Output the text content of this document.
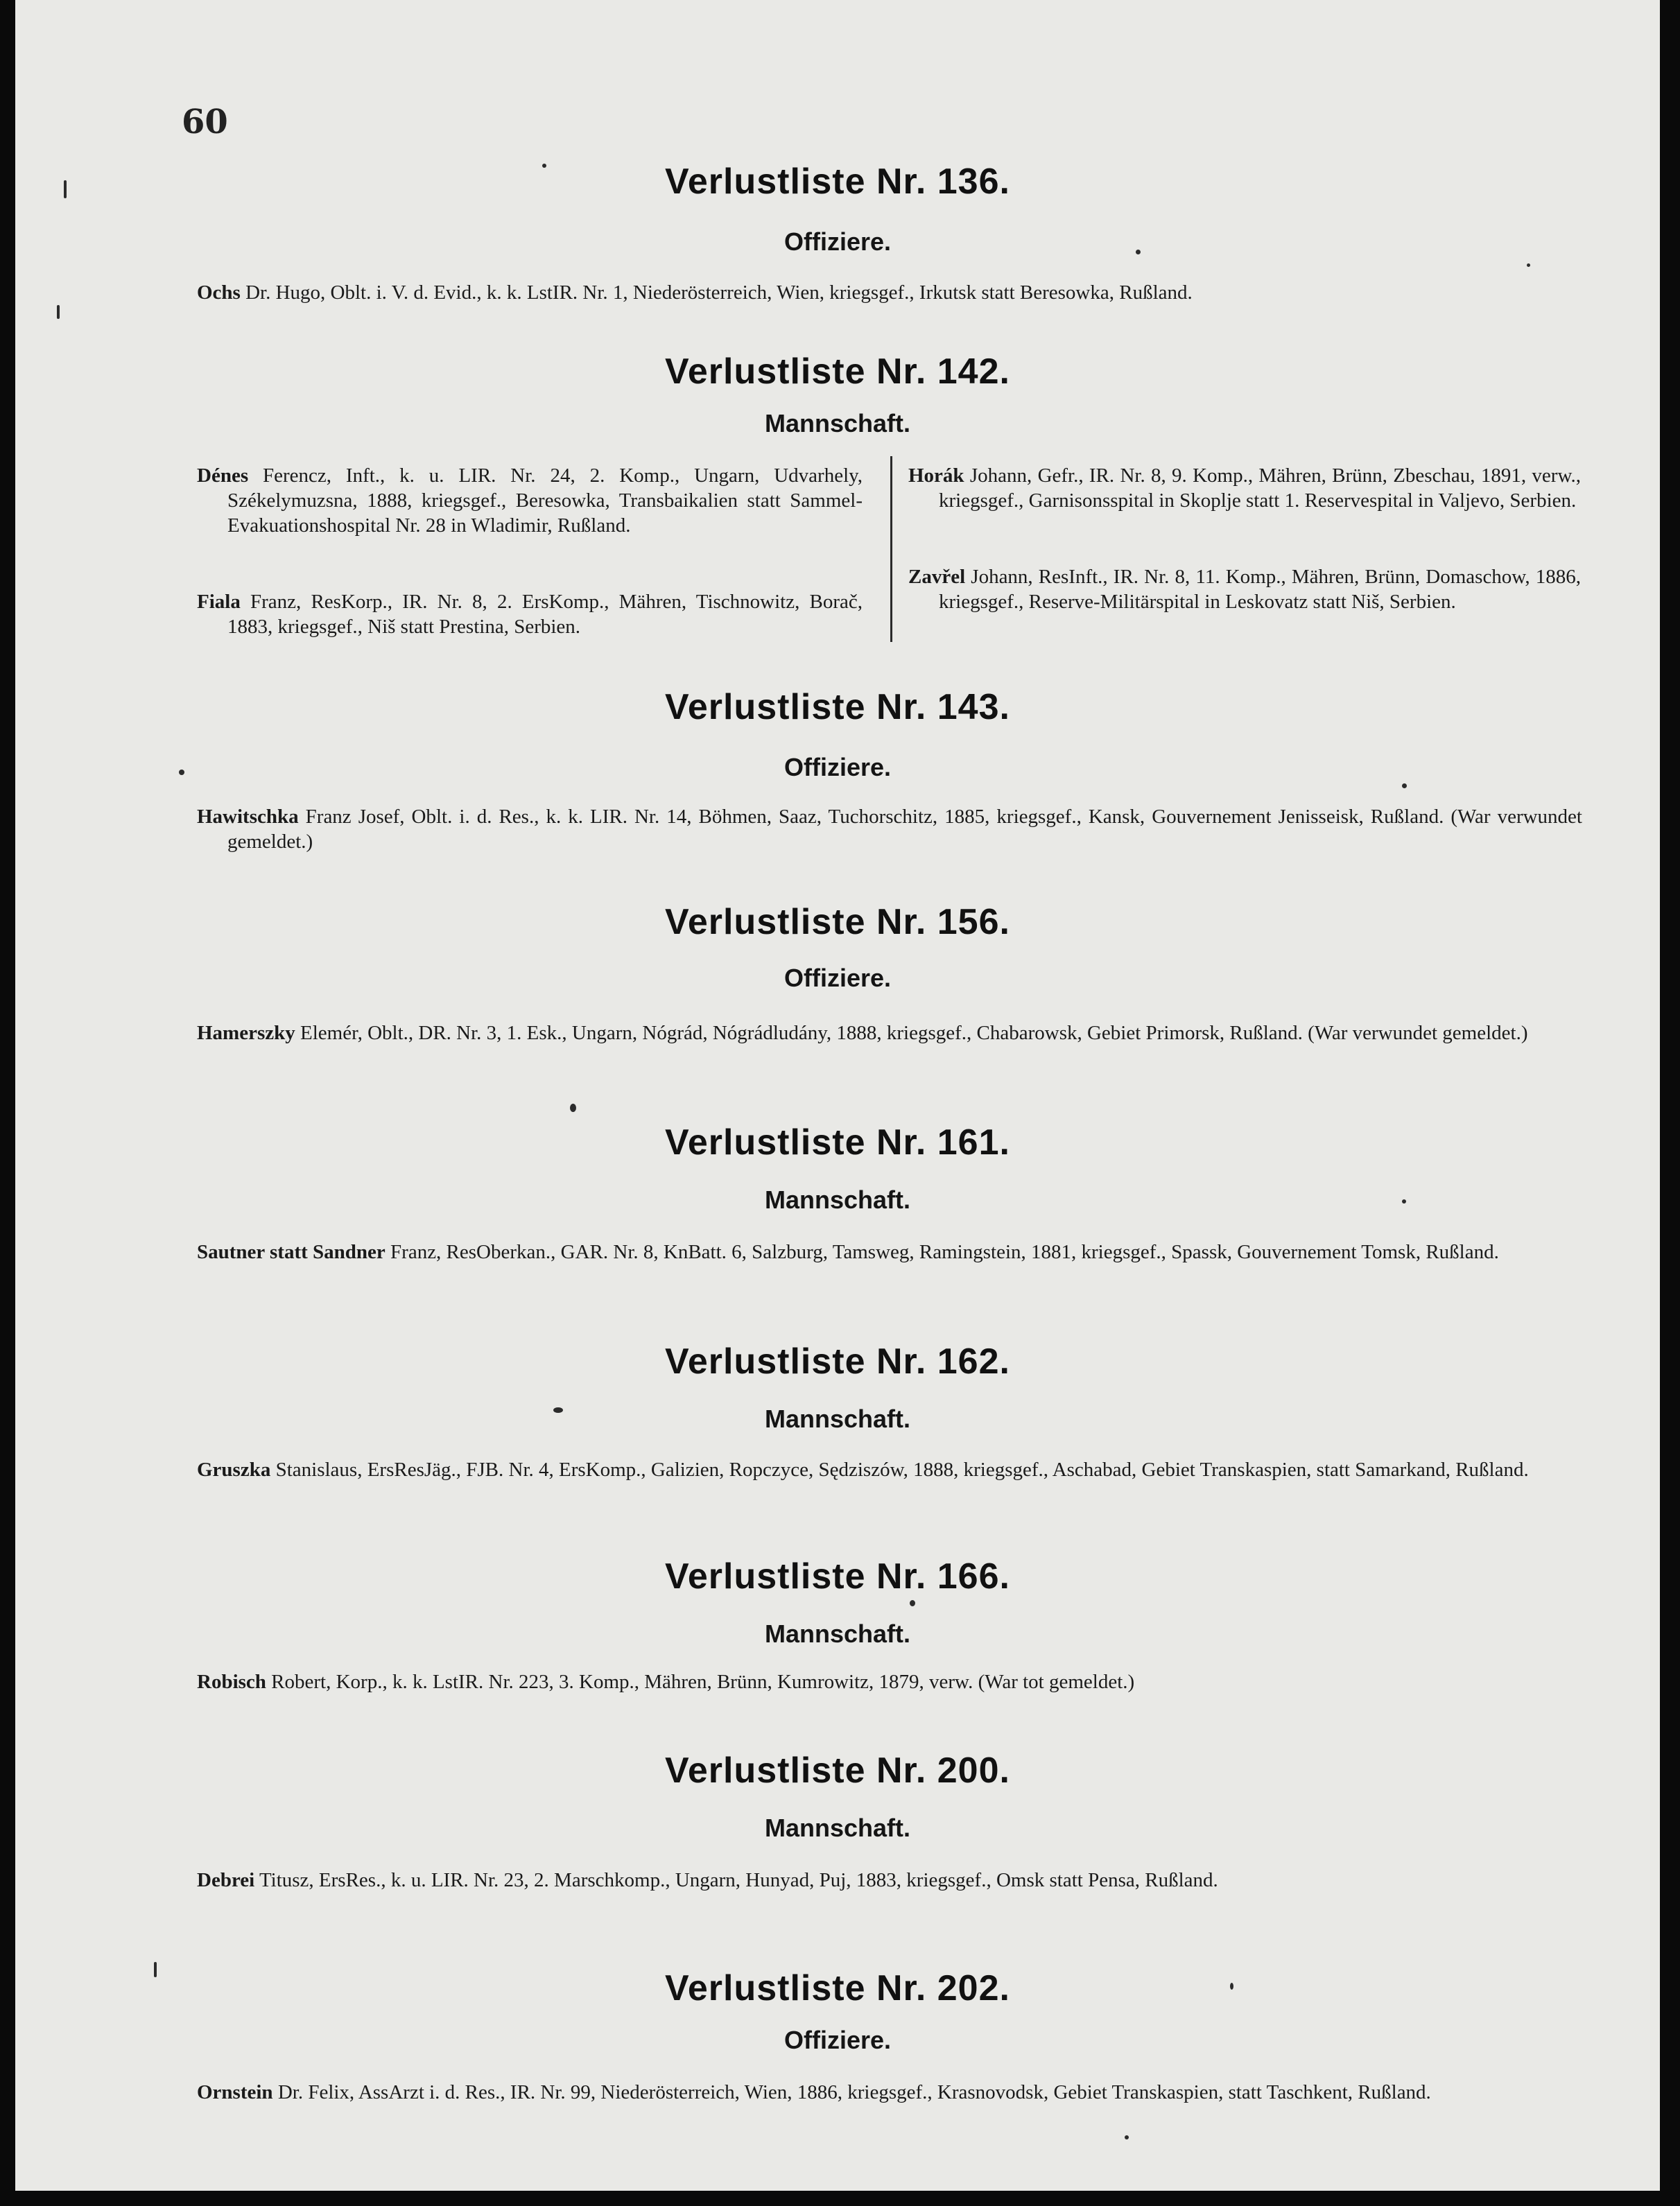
60
Verlustliste Nr. 136.
Offiziere.
Ochs Dr. Hugo, Oblt. i. V. d. Evid., k. k. LstIR. Nr. 1, Niederösterreich, Wien, kriegsgef., Irkutsk statt Beresowka, Rußland.
Verlustliste Nr. 142.
Mannschaft.
Dénes Ferencz, Inft., k. u. LIR. Nr. 24, 2. Komp., Ungarn, Udvarhely, Székelymuzsna, 1888, kriegsgef., Beresowka, Transbaikalien statt Sammel-Evakuationshospital Nr. 28 in Wladimir, Rußland.
Fiala Franz, ResKorp., IR. Nr. 8, 2. ErsKomp., Mähren, Tischnowitz, Borač, 1883, kriegsgef., Niš statt Prestina, Serbien.
Horák Johann, Gefr., IR. Nr. 8, 9. Komp., Mähren, Brünn, Zbeschau, 1891, verw., kriegsgef., Garnisonsspital in Skoplje statt 1. Reservespital in Valjevo, Serbien.
Zavřel Johann, ResInft., IR. Nr. 8, 11. Komp., Mähren, Brünn, Domaschow, 1886, kriegsgef., Reserve-Militärspital in Leskovatz statt Niš, Serbien.
Verlustliste Nr. 143.
Offiziere.
Hawitschka Franz Josef, Oblt. i. d. Res., k. k. LIR. Nr. 14, Böhmen, Saaz, Tuchorschitz, 1885, kriegsgef., Kansk, Gouvernement Jenisseisk, Rußland. (War verwundet gemeldet.)
Verlustliste Nr. 156.
Offiziere.
Hamerszky Elemér, Oblt., DR. Nr. 3, 1. Esk., Ungarn, Nógrád, Nógrádludány, 1888, kriegsgef., Chabarowsk, Gebiet Primorsk, Rußland. (War verwundet gemeldet.)
Verlustliste Nr. 161.
Mannschaft.
Sautner statt Sandner Franz, ResOberkan., GAR. Nr. 8, KnBatt. 6, Salzburg, Tamsweg, Ramingstein, 1881, kriegsgef., Spassk, Gouvernement Tomsk, Rußland.
Verlustliste Nr. 162.
Mannschaft.
Gruszka Stanislaus, ErsResJäg., FJB. Nr. 4, ErsKomp., Galizien, Ropczyce, Sędziszów, 1888, kriegsgef., Aschabad, Gebiet Transkaspien, statt Samarkand, Rußland.
Verlustliste Nr. 166.
Mannschaft.
Robisch Robert, Korp., k. k. LstIR. Nr. 223, 3. Komp., Mähren, Brünn, Kumrowitz, 1879, verw. (War tot gemeldet.)
Verlustliste Nr. 200.
Mannschaft.
Debrei Titusz, ErsRes., k. u. LIR. Nr. 23, 2. Marschkomp., Ungarn, Hunyad, Puj, 1883, kriegsgef., Omsk statt Pensa, Rußland.
Verlustliste Nr. 202.
Offiziere.
Ornstein Dr. Felix, AssArzt i. d. Res., IR. Nr. 99, Niederösterreich, Wien, 1886, kriegsgef., Krasnovodsk, Gebiet Transkaspien, statt Taschkent, Rußland.
